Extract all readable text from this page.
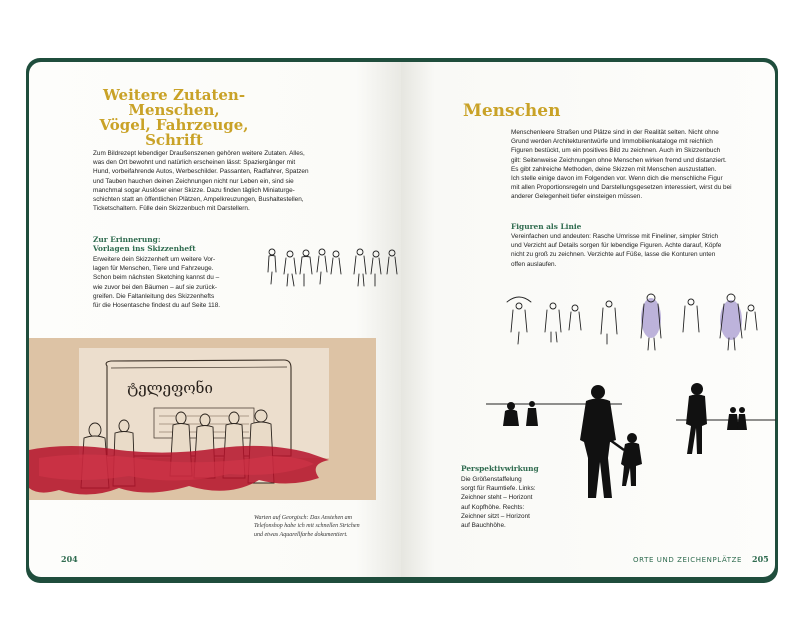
Weitere Zutaten-
Menschen,
Vögel, Fahrzeuge,
Schrift
Zum Bildrezept lebendiger Draußenszenen gehören weitere Zutaten. Alles,
was den Ort bewohnt und natürlich erscheinen lässt: Spaziergänger mit
Hund, vorbeifahrende Autos, Werbeschilder. Passanten, Radfahrer, Spatzen
und Tauben hauchen deinen Zeichnungen nicht nur Leben ein, sind sie
manchmal sogar Auslöser einer Skizze. Dazu finden täglich Miniaturge-
schichten statt an öffentlichen Plätzen, Ampelkreuzungen, Bushaltestellen,
Ticketschaltern. Fülle dein Skizzenbuch mit Darstellern.
Zur Erinnerung:
Vorlagen ins Skizzenheft
Erweitere dein Skizzenheft um weitere Vor-
lagen für Menschen, Tiere und Fahrzeuge.
Schon beim nächsten Sketching kannst du –
wie zuvor bei den Bäumen – auf sie zurück-
greifen. Die Faltanleitung des Skizzenhefts
für die Hosentasche findest du auf Seite 118.
ტელეფონი
Warten auf Georgisch: Das Anstehen am
Telefonshop habe ich mit schnellen Strichen
und etwas Aquarellfarbe dokumentiert.
204
Menschen
Menschenleere Straßen und Plätze sind in der Realität selten. Nicht ohne
Grund werden Architekturentwürfe und Immobilienkataloge mit reichlich
Figuren bestückt, um ein positives Bild zu zeichnen. Auch im Skizzenbuch
gilt: Seitenweise Zeichnungen ohne Menschen wirken fremd und distanziert.
Es gibt zahlreiche Methoden, deine Skizzen mit Menschen auszustatten.
Ich stelle einige davon im Folgenden vor. Wenn dich die menschliche Figur
mit allen Proportionsregeln und Darstellungsgesetzen interessiert, wirst du bei
anderer Gelegenheit tiefer einsteigen müssen.
Figuren als Linie
Vereinfachen und andeuten: Rasche Umrisse mit Fineliner, simpler Strich
und Verzicht auf Details sorgen für lebendige Figuren. Achte darauf, Köpfe
nicht zu groß zu zeichnen. Verzichte auf Füße, lasse die Konturen unten
offen auslaufen.
Perspektivwirkung
Die Größenstaffelung
sorgt für Raumtiefe. Links:
Zeichner steht – Horizont
auf Kopfhöhe. Rechts:
Zeichner sitzt – Horizont
auf Bauchhöhe.
ORTE UND ZEICHENPLÄTZE 205
